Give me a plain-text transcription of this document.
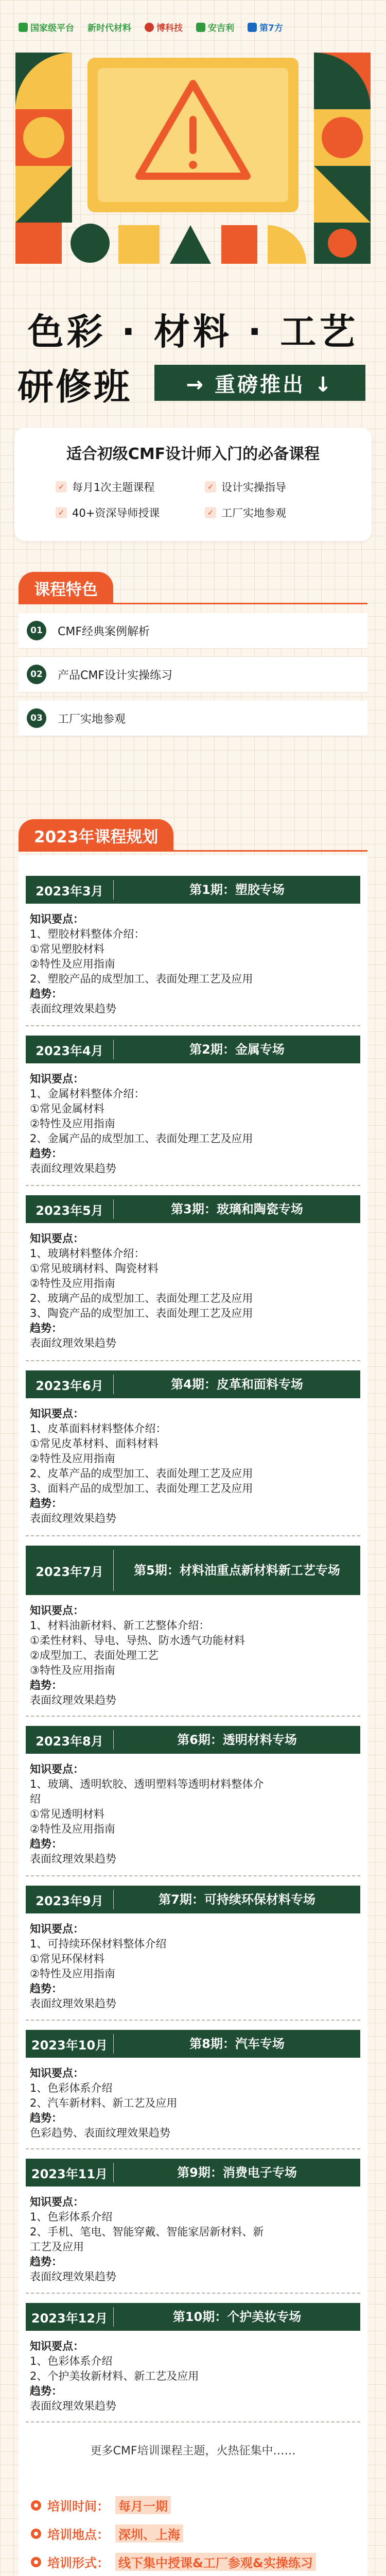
国家级平台 新时代材料	博科技	安吉利	第7方
色彩 · 材料 · 工艺
研修班	→ 重磅推出 ↓
适合初级CMF设计师入门的必备课程
✓ 每月1次主题课程	✓ 设计实操指导
✓ 40+资深导师授课	✓ 工厂实地参观
课程特色
01	CMF经典案例解析
02	产品CMF设计实操练习
03	工厂实地参观
2023年课程规划
2023年3月	第1期：塑胶专场
知识要点：
1、塑胶材料整体介绍：
①常见塑胶材料
②特性及应用指南
2、塑胶产品的成型加工、表面处理工艺及应用
趋势：
表面纹理效果趋势
2023年4月	第2期：金属专场
知识要点：
1、金属材料整体介绍：
①常见金属材料
②特性及应用指南
2、金属产品的成型加工、表面处理工艺及应用
趋势：
表面纹理效果趋势
2023年5月	第3期：玻璃和陶瓷专场
知识要点：
1、玻璃材料整体介绍：
①常见玻璃材料、陶瓷材料
②特性及应用指南
2、玻璃产品的成型加工、表面处理工艺及应用
3、陶瓷产品的成型加工、表面处理工艺及应用
趋势：
表面纹理效果趋势
2023年6月	第4期：皮革和面料专场
知识要点：
1、皮革面料材料整体介绍：
①常见皮革材料、面料材料
②特性及应用指南
2、皮革产品的成型加工、表面处理工艺及应用
3、面料产品的成型加工、表面处理工艺及应用
趋势：
表面纹理效果趋势
2023年7月	第5期：材料油重点新材料新工艺专场
知识要点：
1、材料油新材料、新工艺整体介绍：
①柔性材料、导电、导热、防水透气功能材料
②成型加工、表面处理工艺
③特性及应用指南
趋势：
表面纹理效果趋势
2023年8月	第6期：透明材料专场
知识要点：
1、玻璃、透明软胶、透明塑料等透明材料整体介
绍
①常见透明材料
②特性及应用指南
趋势：
表面纹理效果趋势
2023年9月	第7期：可持续环保材料专场
知识要点：
1、可持续环保材料整体介绍
①常见环保材料
②特性及应用指南
趋势：
表面纹理效果趋势
2023年10月	第8期：汽车专场
知识要点：
1、色彩体系介绍
2、汽车新材料、新工艺及应用
趋势：
色彩趋势、表面纹理效果趋势
2023年11月	第9期：消费电子专场
知识要点：
1、色彩体系介绍
2、手机、笔电、智能穿戴、智能家居新材料、新
工艺及应用
趋势：
表面纹理效果趋势
2023年12月	第10期：个护美妆专场
知识要点：
1、色彩体系介绍
2、个护美妆新材料、新工艺及应用
趋势：
表面纹理效果趋势
更多CMF培训课程主题，火热征集中……
培训时间： 每月一期
培训地点： 深圳、上海
培训形式： 线下集中授课&工厂参观&实操练习
